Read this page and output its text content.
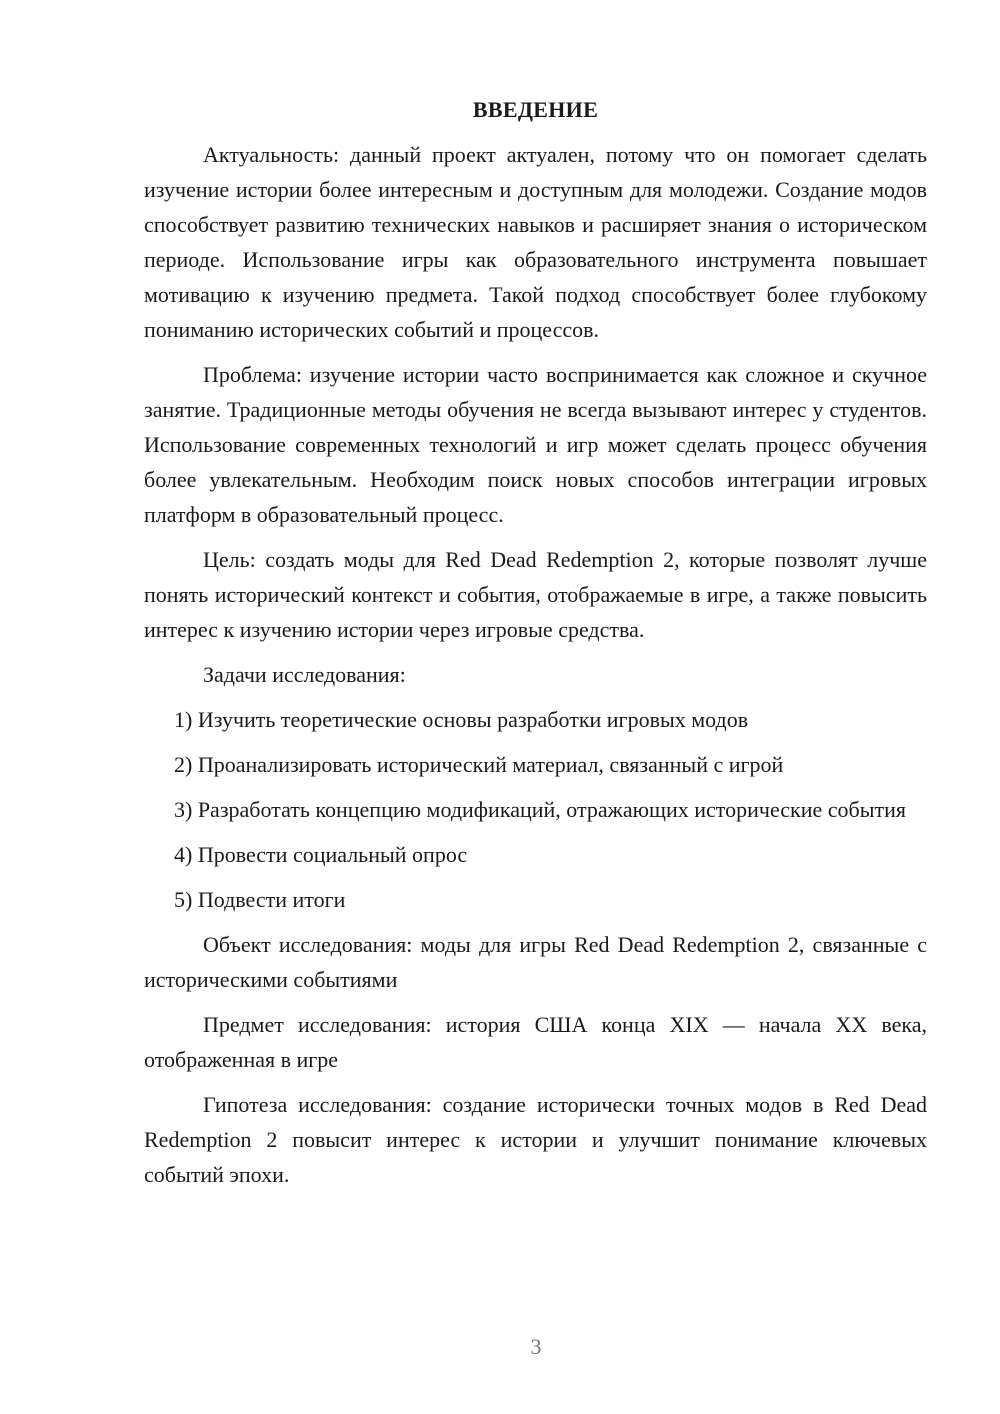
ВВЕДЕНИЕ

Актуальность: данный проект актуален, потому что он помогает сделать изучение истории более интересным и доступным для молодежи. Создание модов способствует развитию технических навыков и расширяет знания о историческом периоде. Использование игры как образовательного инструмента повышает мотивацию к изучению предмета. Такой подход способствует более глубокому пониманию исторических событий и процессов.

Проблема: изучение истории часто воспринимается как сложное и скучное занятие. Традиционные методы обучения не всегда вызывают интерес у студентов. Использование современных технологий и игр может сделать процесс обучения более увлекательным. Необходим поиск новых способов интеграции игровых платформ в образовательный процесс.

Цель: создать моды для Red Dead Redemption 2, которые позволят лучше понять исторический контекст и события, отображаемые в игре, а также повысить интерес к изучению истории через игровые средства.

Задачи исследования:

1) Изучить теоретические основы разработки игровых модов

2) Проанализировать исторический материал, связанный с игрой

3) Разработать концепцию модификаций, отражающих исторические события

4) Провести социальный опрос

5) Подвести итоги

Объект исследования: моды для игры Red Dead Redemption 2, связанные с историческими событиями

Предмет исследования: история США конца XIX — начала XX века, отображенная в игре

Гипотеза исследования: создание исторически точных модов в Red Dead Redemption 2 повысит интерес к истории и улучшит понимание ключевых событий эпохи.

3
